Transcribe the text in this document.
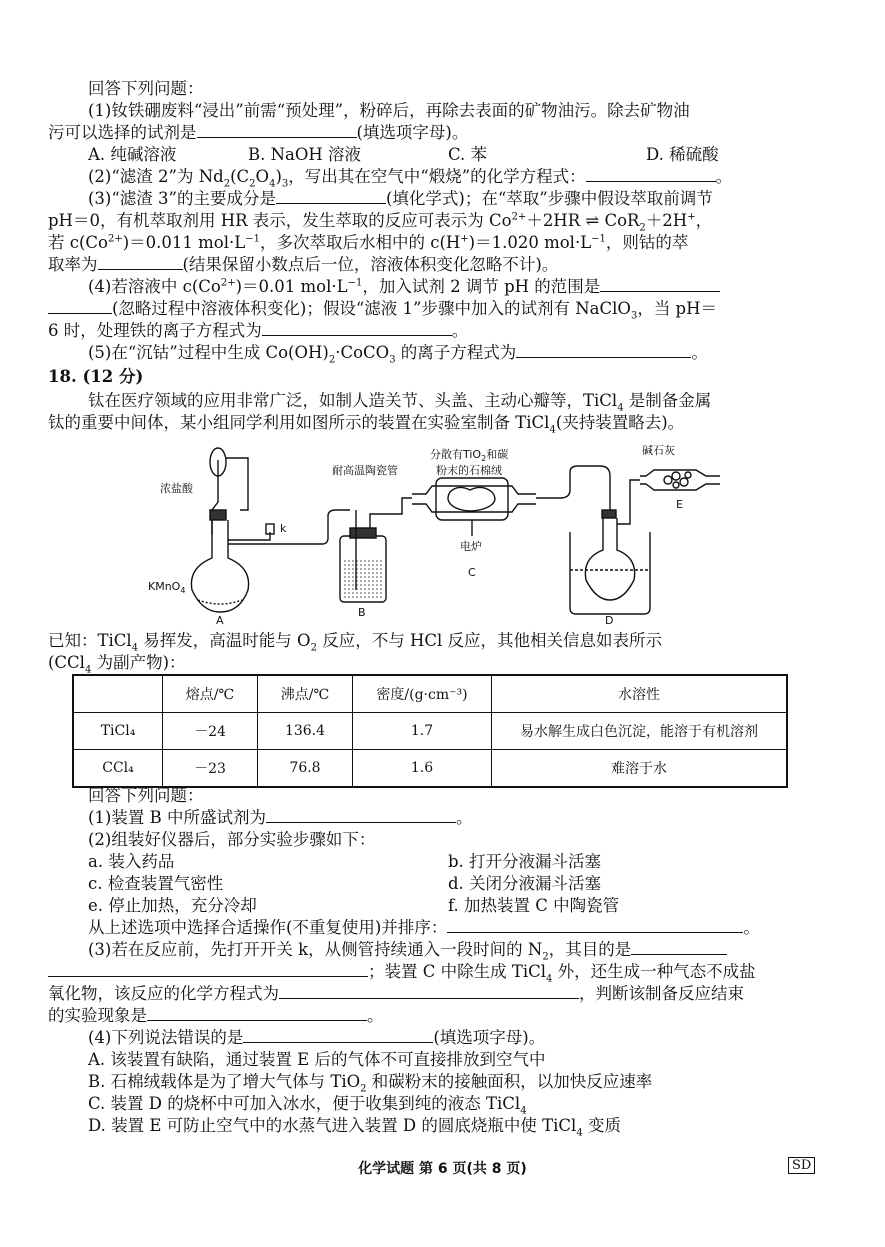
回答下列问题：
(1)钕铁硼废料“浸出”前需“预处理”，粉碎后，再除去表面的矿物油污。除去矿物油
污可以选择的试剂是	(填选项字母)。
A. 纯碱溶液	B. NaOH 溶液	C. 苯	D. 稀硫酸
(2)“滤渣 2”为 $Nd_2(C_2O_4)_3$，写出其在空气中“煅烧”的化学方程式：	。
(3)“滤渣 3”的主要成分是	(填化学式)；在“萃取”步骤中假设萃取前调节
pH＝0，有机萃取剂用 HR 表示，发生萃取的反应可表示为 $Co^{2+}+2HR$ ⇌ CoR$_2$＋2H+，
若 $c(Co^{2+})=0.011$ $mol\cdot L^{-1}$，多次萃取后水相中的 c(H+)＝1.020 $mol\cdot L^{-1}$，则钴的萃
取率为	(结果保留小数点后一位，溶液体积变化忽略不计)。
(4)若溶液中 $c(Co^{2+})=0.01$ $mol\cdot L^{-1}$，加入试剂 2 调节 pH 的范围是
(忽略过程中溶液体积变化)；假设“滤液 1”步骤中加入的试剂有 NaClO$_3$，当 pH＝
6 时，处理铁的离子方程式为	。
(5)在“沉钴”过程中生成 $Co(OH)_2\cdot CoCO_3$ 的离子方程式为	。
18. (12 分)
钛在医疗领域的应用非常广泛，如制人造关节、头盖、主动心瓣等，TiCl$_4$ 是制备金属
钛的重要中间体，某小组同学利用如图所示的装置在实验室制备 TiCl$_4$(夹持装置略去)。
浓盐酸
KMnO$_4$
k
耐高温陶瓷管
分散有TiO$_2$和碳
粉末的石棉绒
电炉
碱石灰
A
B
C
D
E
已知：TiCl$_4$ 易挥发，高温时能与 $O_2$ 反应，不与 HCl 反应，其他相关信息如表所示
(CCl$_4$ 为副产物)：
	熔点/℃	沸点/℃	密度/(g·cm⁻³)	水溶性
TiCl₄	－24	136.4	1.7	易水解生成白色沉淀，能溶于有机溶剂
CCl₄	－23	76.8	1.6	难溶于水
回答下列问题：
(1)装置 B 中所盛试剂为	。
(2)组装好仪器后，部分实验步骤如下：
a. 装入药品	b. 打开分液漏斗活塞
c. 检查装置气密性	d. 关闭分液漏斗活塞
e. 停止加热，充分冷却	f. 加热装置 C 中陶瓷管
从上述选项中选择合适操作(不重复使用)并排序：	。
(3)若在反应前，先打开开关 k，从侧管持续通入一段时间的 $N_2$，其目的是
；装置 C 中除生成 TiCl$_4$ 外，还生成一种气态不成盐
氧化物，该反应的化学方程式为	，判断该制备反应结束
的实验现象是	。
(4)下列说法错误的是	(填选项字母)。
A. 该装置有缺陷，通过装置 E 后的气体不可直接排放到空气中
B. 石棉绒载体是为了增大气体与 TiO$_2$ 和碳粉末的接触面积，以加快反应速率
C. 装置 D 的烧杯中可加入冰水，便于收集到纯的液态 TiCl$_4$
D. 装置 E 可防止空气中的水蒸气进入装置 D 的圆底烧瓶中使 TiCl$_4$ 变质
化学试题 第 6 页(共 8 页)	SD
